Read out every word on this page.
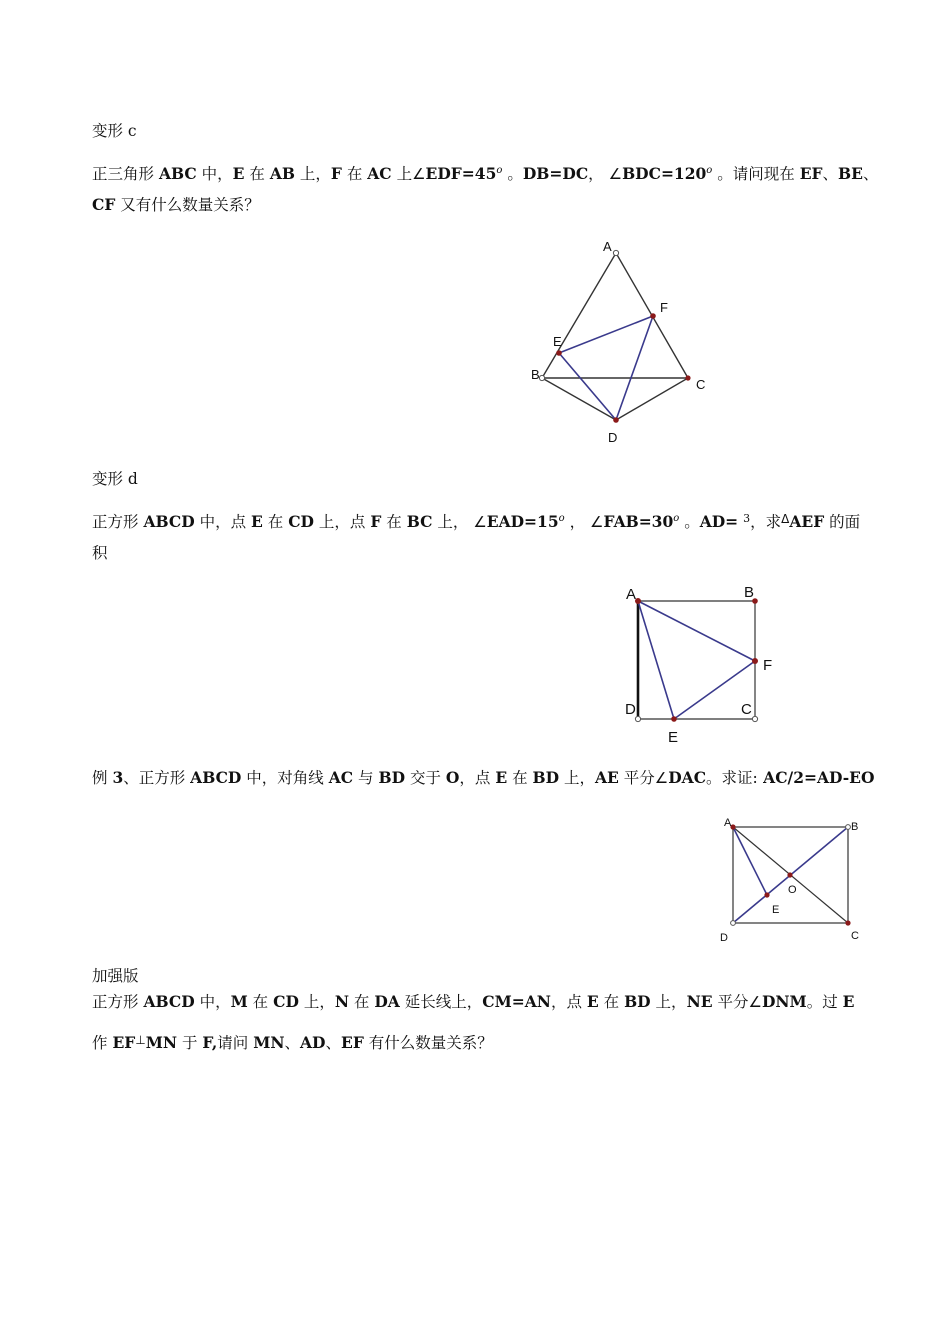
变形 c
正三角形 ABC 中，E 在 AB 上，F 在 AC 上$\angle EDF=45^o$ 。DB=DC， $\angle BDC=120^o$ 。请问现在 EF、BE、
CF 又有什么数量关系？
A
B
C
D
E
F
变形 d
正方形 ABCD 中，点 E 在 CD 上，点 F 在 BC 上， $\angle EAD=15^o$ ， $\angle FAB=30^o$ 。AD= $^3$，求$^\Delta$AEF 的面
积
A	B
C
D
E
F
例 3、正方形 ABCD 中，对角线 AC 与 BD 交于 O，点 E 在 BD 上，AE 平分∠DAC。求证: AC/2=AD-EO
A	B
C
D
E
O
加强版
正方形 ABCD 中，M 在 CD 上，N 在 DA 延长线上，CM=AN，点 E 在 BD 上，NE 平分∠DNM。过 E
作 EF⊥MN 于 F,请问 MN、AD、EF 有什么数量关系？
